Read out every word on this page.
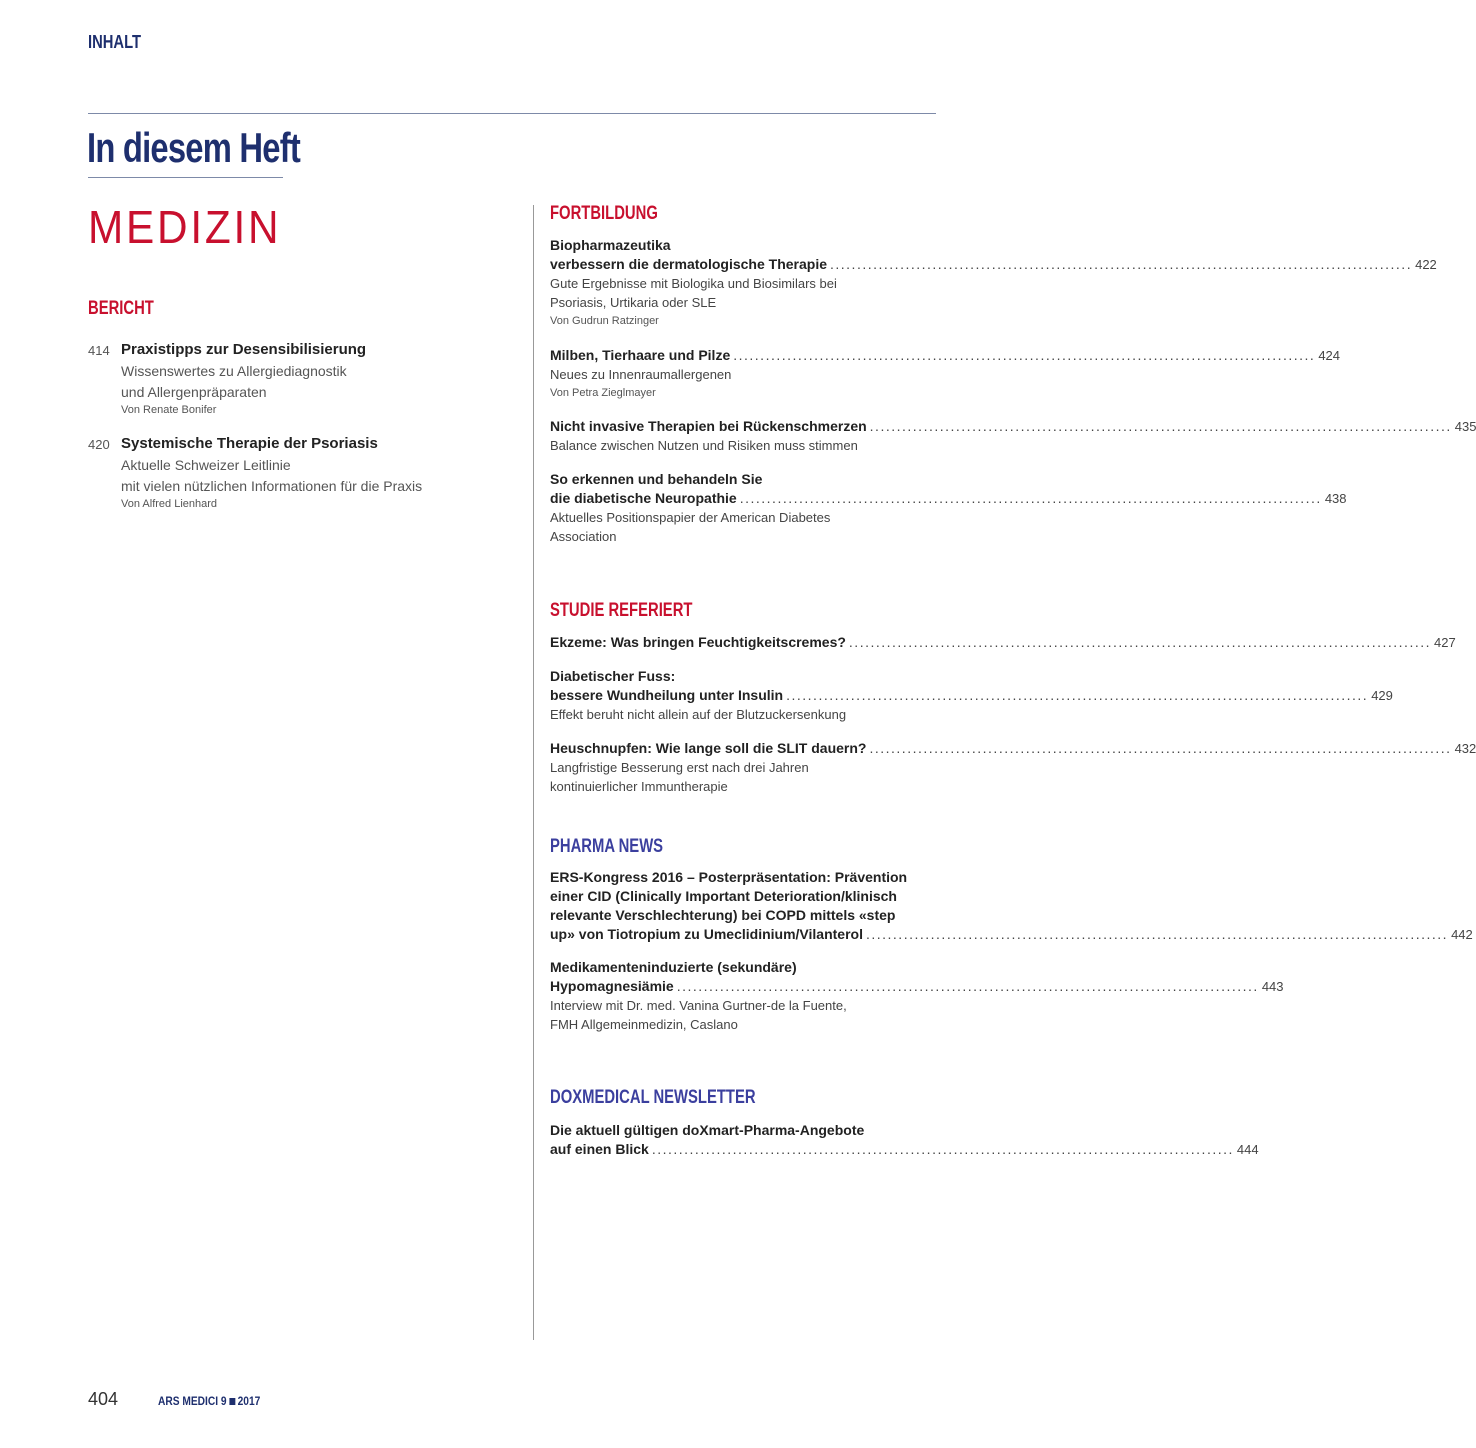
INHALT
In diesem Heft
MEDIZIN
BERICHT
414 Praxistipps zur Desensibilisierung
Wissenswertes zu Allergiediagnostik
und Allergenpräparaten
Von Renate Bonifer
420 Systemische Therapie der Psoriasis
Aktuelle Schweizer Leitlinie
mit vielen nützlichen Informationen für die Praxis
Von Alfred Lienhard
FORTBILDUNG
Biopharmazeutika
verbessern die dermatologische Therapie ............................................................................................................ 422
Gute Ergebnisse mit Biologika und Biosimilars bei
Psoriasis, Urtikaria oder SLE
Von Gudrun Ratzinger
Milben, Tierhaare und Pilze ............................................................................................................ 424
Neues zu Innenraumallergenen
Von Petra Zieglmayer
Nicht invasive Therapien bei Rückenschmerzen ............................................................................................................ 435
Balance zwischen Nutzen und Risiken muss stimmen
So erkennen und behandeln Sie
die diabetische Neuropathie ............................................................................................................ 438
Aktuelles Positionspapier der American Diabetes
Association
STUDIE REFERIERT
Ekzeme: Was bringen Feuchtigkeitscremes? ............................................................................................................ 427
Diabetischer Fuss:
bessere Wundheilung unter Insulin ............................................................................................................ 429
Effekt beruht nicht allein auf der Blutzuckersenkung
Heuschnupfen: Wie lange soll die SLIT dauern? ............................................................................................................ 432
Langfristige Besserung erst nach drei Jahren
kontinuierlicher Immuntherapie
PHARMA NEWS
ERS-Kongress 2016 – Posterpräsentation: Prävention
einer CID (Clinically Important Deterioration/klinisch
relevante Verschlechterung) bei COPD mittels «step
up» von Tiotropium zu Umeclidinium/Vilanterol ............................................................................................................ 442
Medikamenteninduzierte (sekundäre)
Hypomagnesiämie ............................................................................................................ 443
Interview mit Dr. med. Vanina Gurtner-de la Fuente,
FMH Allgemeinmedizin, Caslano
DOXMEDICAL NEWSLETTER
Die aktuell gültigen doXmart-Pharma-Angebote
auf einen Blick ............................................................................................................ 444
404	ARS MEDICI 9 2017
